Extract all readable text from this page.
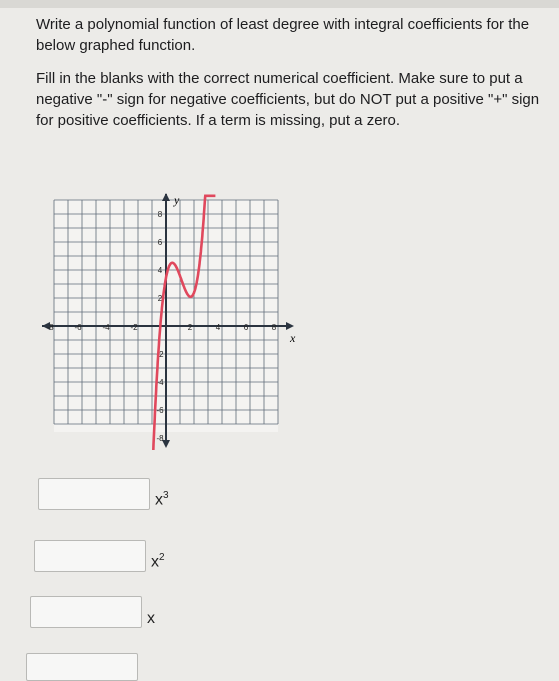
Write a polynomial function of least degree with integral coefficients for the below graphed function.

Fill in the blanks with the correct numerical coefficient. Make sure to put a negative "-" sign for negative coefficients, but do NOT put a positive "+" sign for positive coefficients. If a term is missing, put a zero.

-8	-6	-4	-2	2	4	6	8
8
6
4
2
-2
-4
-6
-8
x
y
$x^3$
$x^2$
x
